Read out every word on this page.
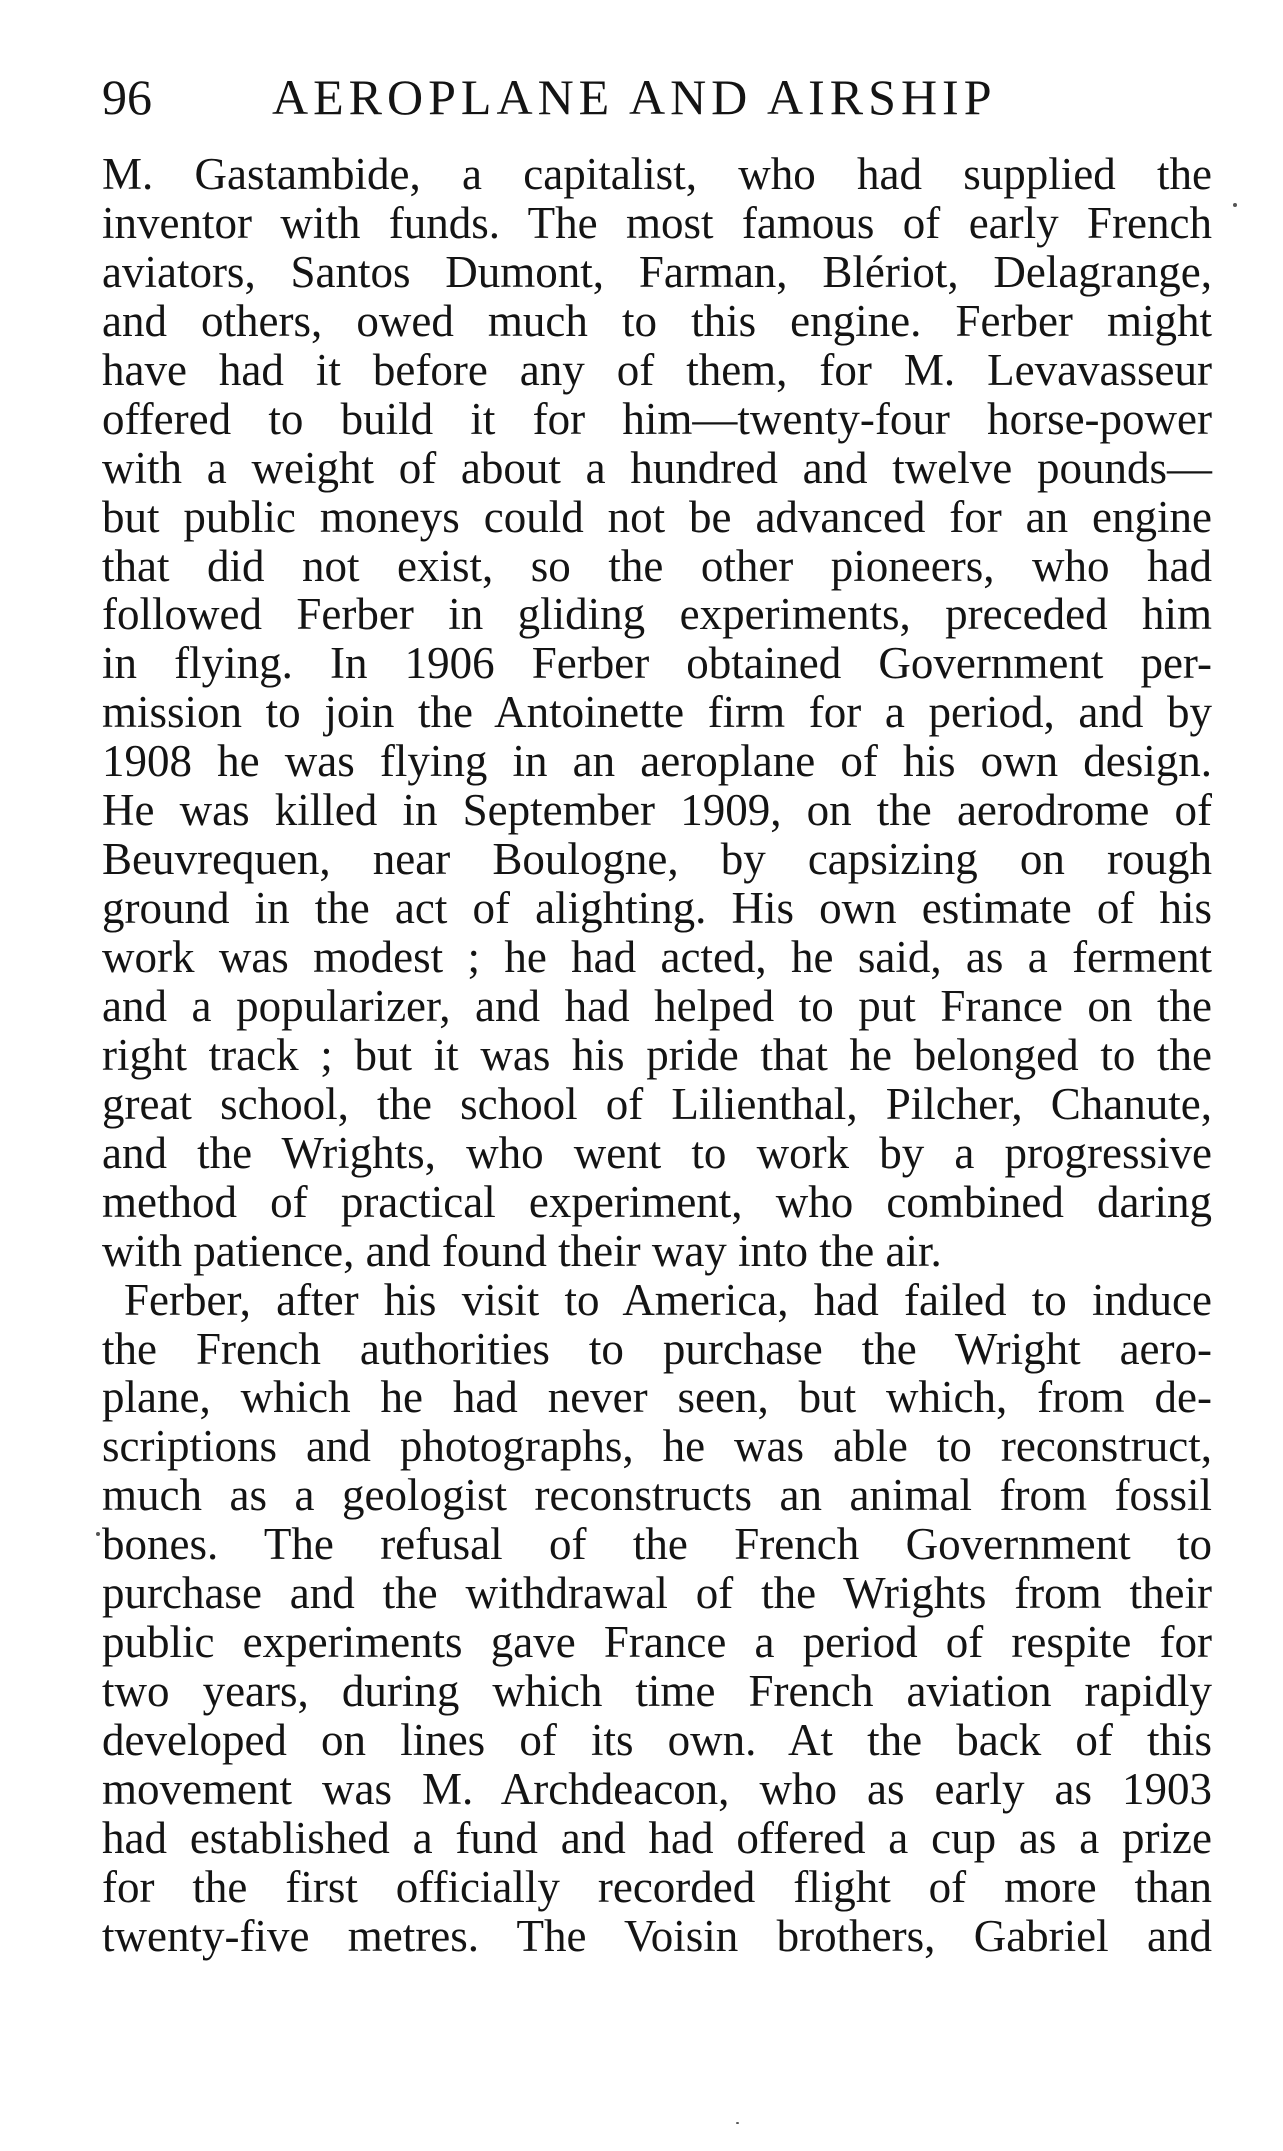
96 AEROPLANE AND AIRSHIP
M. Gastambide, a capitalist, who had supplied the
inventor with funds. The most famous of early French
aviators, Santos Dumont, Farman, Blériot, Delagrange,
and others, owed much to this engine. Ferber might
have had it before any of them, for M. Levavasseur
offered to build it for him—twenty-four horse-power
with a weight of about a hundred and twelve pounds—
but public moneys could not be advanced for an engine
that did not exist, so the other pioneers, who had
followed Ferber in gliding experiments, preceded him
in flying. In 1906 Ferber obtained Government per-
mission to join the Antoinette firm for a period, and by
1908 he was flying in an aeroplane of his own design.
He was killed in September 1909, on the aerodrome of
Beuvrequen, near Boulogne, by capsizing on rough
ground in the act of alighting. His own estimate of his
work was modest ; he had acted, he said, as a ferment
and a popularizer, and had helped to put France on the
right track ; but it was his pride that he belonged to the
great school, the school of Lilienthal, Pilcher, Chanute,
and the Wrights, who went to work by a progressive
method of practical experiment, who combined daring
with patience, and found their way into the air.
Ferber, after his visit to America, had failed to induce
the French authorities to purchase the Wright aero-
plane, which he had never seen, but which, from de-
scriptions and photographs, he was able to reconstruct,
much as a geologist reconstructs an animal from fossil
bones. The refusal of the French Government to
purchase and the withdrawal of the Wrights from their
public experiments gave France a period of respite for
two years, during which time French aviation rapidly
developed on lines of its own. At the back of this
movement was M. Archdeacon, who as early as 1903
had established a fund and had offered a cup as a prize
for the first officially recorded flight of more than
twenty-five metres. The Voisin brothers, Gabriel and
